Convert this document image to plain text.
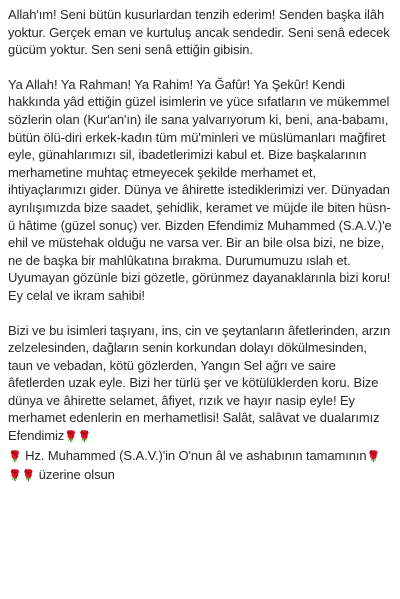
Allah'ım! Seni bütün kusurlardan tenzih ederim! Senden başka ilâh yoktur. Gerçek eman ve kurtuluş ancak sendedir. Seni senâ edecek gücüm yoktur. Sen seni senâ ettiğin gibisin.

Ya Allah! Ya Rahman! Ya Rahim! Ya Ğafûr! Ya Şekûr! Kendi hakkında yâd ettiğin güzel isimlerin ve yüce sıfatların ve mükemmel sözlerin olan (Kur'an'ın) ile sana yalvarıyorum ki, beni, ana-babamı, bütün ölü-diri erkek-kadın tüm mü'minleri ve müslümanları mağfiret eyle, günahlarımızı sil, ibadetlerimizi kabul et. Bize başkalarının merhametine muhtaç etmeyecek şekilde merhamet et, ihtiyaçlarımızı gider. Dünya ve âhirette istediklerimizi ver. Dünyadan ayrılışımızda bize saadet, şehidlik, keramet ve müjde ile biten hüsn-ü hâtime (güzel sonuç) ver. Bizden Efendimiz Muhammed (S.A.V.)'e ehil ve müstehak olduğu ne varsa ver. Bir an bile olsa bizi, ne bize, ne de başka bir mahlûkatına bırakma. Durumumuzu ıslah et. Uyumayan gözünle bizi gözetle, görünmez dayanaklarınla bizi koru! Ey celal ve ikram sahibi!

Bizi ve bu isimleri taşıyanı, ins, cin ve şeytanların âfetlerinden, arzın zelzelesinden, dağların senin korkundan dolayı dökülmesinden, taun ve vebadan, kötü gözlerden, Yangın Sel ağrı ve saire âfetlerden uzak eyle. Bizi her türlü şer ve kötülüklerden koru. Bize dünya ve âhirette selamet, âfiyet, rızık ve hayır nasip eyle! Ey merhamet edenlerin en merhametlisi! Salât, salâvat ve dualarımız Efendimiz🌹🌹
🌹 Hz. Muhammed (S.A.V.)'in O'nun âl ve ashabının tamamının🌹🌹🌹 üzerine olsun
